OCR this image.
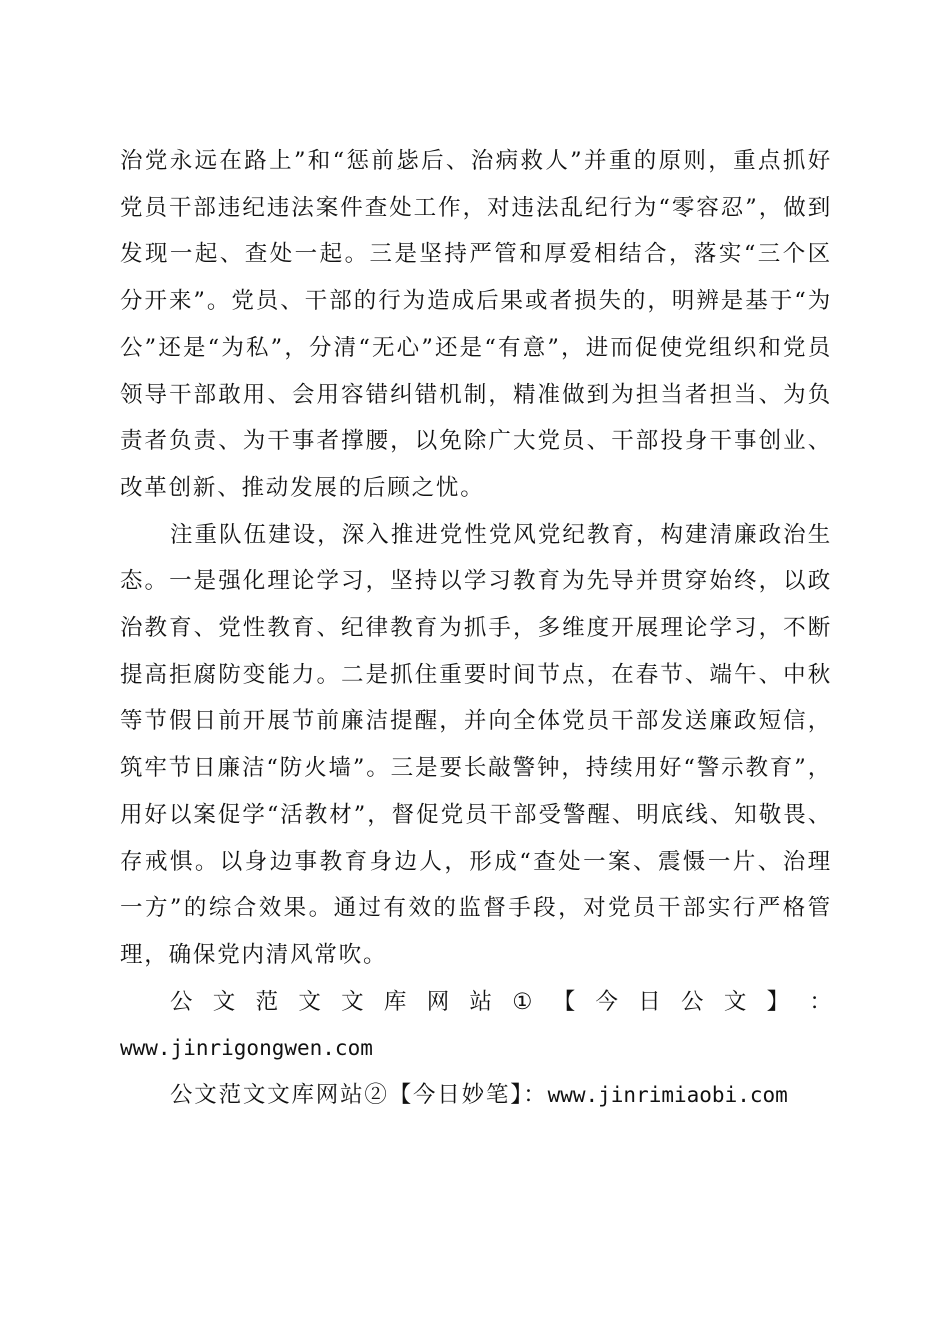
治党永远在路上”和“惩前毖后、治病救人”并重的原则，重点抓好党员干部违纪违法案件查处工作，对违法乱纪行为“零容忍”，做到发现一起、查处一起。三是坚持严管和厚爱相结合，落实“三个区分开来”。党员、干部的行为造成后果或者损失的，明辨是基于“为公”还是“为私”，分清“无心”还是“有意”，进而促使党组织和党员领导干部敢用、会用容错纠错机制，精准做到为担当者担当、为负责者负责、为干事者撑腰，以免除广大党员、干部投身干事创业、改革创新、推动发展的后顾之忧。

注重队伍建设，深入推进党性党风党纪教育，构建清廉政治生态。一是强化理论学习，坚持以学习教育为先导并贯穿始终，以政治教育、党性教育、纪律教育为抓手，多维度开展理论学习，不断提高拒腐防变能力。二是抓住重要时间节点，在春节、端午、中秋等节假日前开展节前廉洁提醒，并向全体党员干部发送廉政短信，筑牢节日廉洁“防火墙”。三是要长敲警钟，持续用好“警示教育”，用好以案促学“活教材”，督促党员干部受警醒、明底线、知敬畏、存戒惧。以身边事教育身边人，形成“查处一案、震慑一片、治理一方”的综合效果。通过有效的监督手段，对党员干部实行严格管理，确保党内清风常吹。

公 文 范 文 文 库 网 站 ① 【 今 日 公 文 】 ：

www.jinrigongwen.com

公文范文文库网站②【今日妙笔】：www.jinrimiaobi.com
